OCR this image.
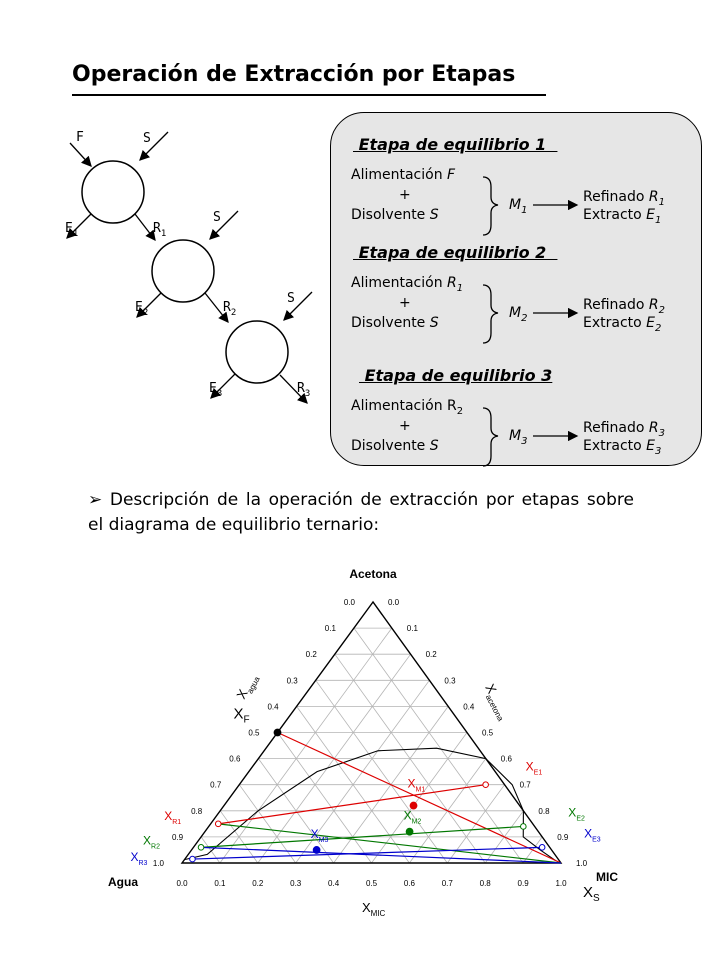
Operación de Extracción por Etapas
S
$E_1$	$R_1$
S
$E_2$	$R_2$
S
$E_3$	$R_3$
F	Etapa de equilibrio 1
Alimentación F
+
Disolvente S
$M_1$
Refinado $R_1$
Extracto $E_1$
Etapa de equilibrio 2
Alimentación $R_1$
+
Disolvente S
$M_2$
Refinado $R_2$
Extracto $E_2$
Etapa de equilibrio 3
Alimentación $R_2$
+
Disolvente S
$M_3$
Refinado $R_3$
Extracto $E_3$
➢ Descripción de la operación de extracción por etapas sobre el diagrama de equilibrio ternario:
0.0
1.0	1.0
0.1
0.9	0.9
0.2
0.8	0.8
0.3
0.7	0.7
0.4
0.6	0.6
0.5
0.5	0.5
0.6
0.4	0.4
0.7
0.3	0.3
0.8
0.2	0.2
0.9
0.1	0.1
1.0
0.0	0.0
$X_F$
$X_S$
$X_{M1}$
$X_{M2}$
$X_{M3}$
$X_{R1}$
$X_{E1}$
$X_{R2}$
$X_{E2}$
$X_{R3}$
$X_{E3}$
Acetona
Agua	MIC
$X_{agua}$	$X_{acetona}$
$X_{MIC}$
